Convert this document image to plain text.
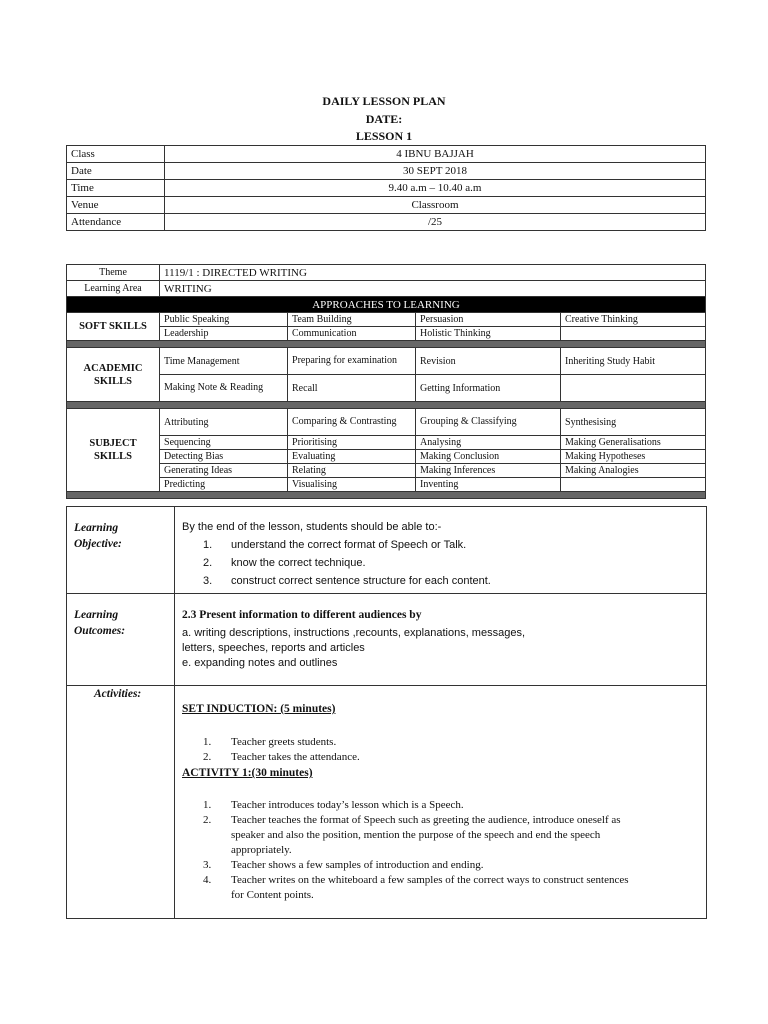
DAILY LESSON PLAN
DATE:
LESSON 1
Class	4 IBNU BAJJAH
Date	30 SEPT 2018
Time	9.40 a.m – 10.40 a.m
Venue	Classroom
Attendance	/25
Theme	1119/1 : DIRECTED WRITING			
Learning Area	WRITING			
APPROACHES TO LEARNING				
SOFT SKILLS	Public Speaking	Team Building	Persuasion	Creative Thinking
	Leadership	Communication	Holistic Thinking	

ACADEMIC SKILLS	Time Management	Preparing for examination	Revision	Inheriting Study Habit
	Making Note & Reading	Recall	Getting Information	

SUBJECT SKILLS	Attributing	Comparing & Contrasting	Grouping & Classifying	Synthesising
	Sequencing	Prioritising	Analysing	Making Generalisations
	Detecting Bias	Evaluating	Making Conclusion	Making Hypotheses
	Generating Ideas	Relating	Making Inferences	Making Analogies
	Predicting	Visualising	Inventing	

Learning Objective:
By the end of the lesson, students should be able to:-
1. understand the correct format of Speech or Talk.
2. know the correct technique.
3. construct correct sentence structure for each content.
Learning Outcomes:
2.3 Present information to different audiences by
a. writing descriptions, instructions ,recounts, explanations, messages,
letters, speeches, reports and articles
e. expanding notes and outlines
Activities:
SET INDUCTION: (5 minutes)
1. Teacher greets students.
2. Teacher takes the attendance.
ACTIVITY 1:(30 minutes)
1. Teacher introduces today’s lesson which is a Speech.
2. Teacher teaches the format of Speech such as greeting the audience, introduce oneself as
speaker and also the position, mention the purpose of the speech and end the speech
appropriately.
3. Teacher shows a few samples of introduction and ending.
4. Teacher writes on the whiteboard a few samples of the correct ways to construct sentences
for Content points.
